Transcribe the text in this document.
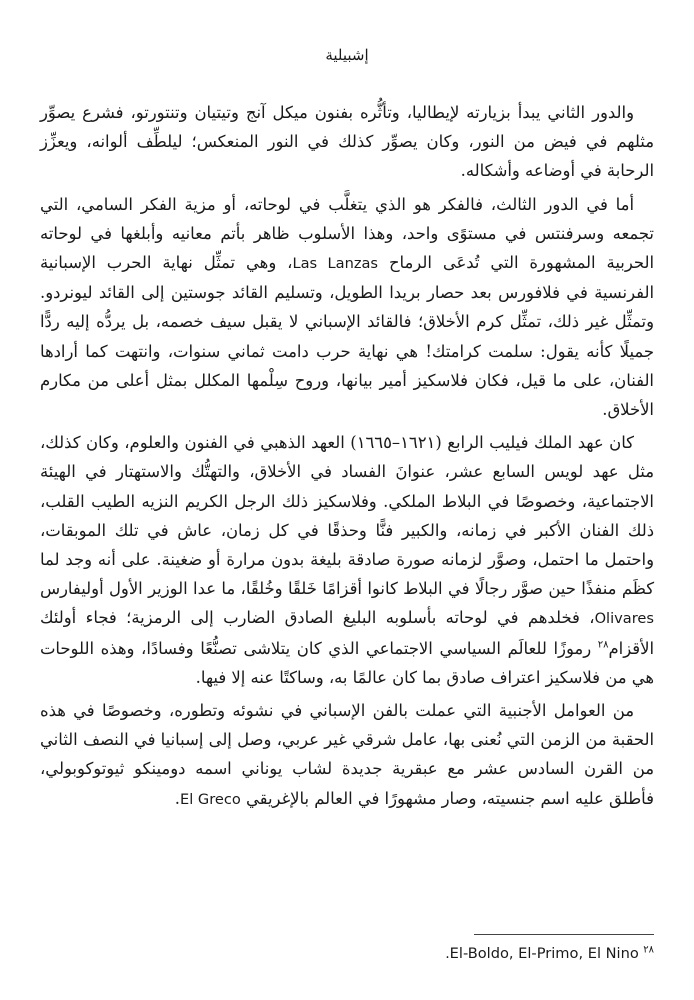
إشبيلية

والدور الثاني يبدأ بزيارته لإيطاليا، وتأثُّره بفنون ميكل آنج وتيتيان وتنتورتو، فشرع يصوِّر مثلهم في فيض من النور، وكان يصوِّر كذلك في النور المنعكس؛ ليلطِّف ألوانه، ويعزِّز الرحابة في أوضاعه وأشكاله.

أما في الدور الثالث، فالفكر هو الذي يتغلَّب في لوحاته، أو مزية الفكر السامي، التي تجمعه وسرفنتس في مستوًى واحد، وهذا الأسلوب ظاهر بأتم معانيه وأبلغها في لوحاته الحربية المشهورة التي تُدعَى الرماح Las Lanzas، وهي تمثِّل نهاية الحرب الإسبانية الفرنسية في فلافورس بعد حصار بريدا الطويل، وتسليم القائد جوستين إلى القائد ليونردو. وتمثِّل غير ذلك، تمثِّل كرم الأخلاق؛ فالقائد الإسباني لا يقبل سيف خصمه، بل يردُّه إليه ردًّا جميلًا كأنه يقول: سلمت كرامتك! هي نهاية حرب دامت ثماني سنوات، وانتهت كما أرادها الفنان، على ما قيل، فكان فلاسكيز أمير بيانها، وروح سِلْمها المكلل بمثل أعلى من مكارم الأخلاق.

كان عهد الملك فيليب الرابع (١٦٢١–١٦٦٥) العهد الذهبي في الفنون والعلوم، وكان كذلك، مثل عهد لويس السابع عشر، عنوانَ الفساد في الأخلاق، والتهتُّك والاستهتار في الهيئة الاجتماعية، وخصوصًا في البلاط الملكي. وفلاسكيز ذلك الرجل الكريم النزيه الطيب القلب، ذلك الفنان الأكبر في زمانه، والكبير فنًّا وحذقًا في كل زمان، عاش في تلك الموبقات، واحتمل ما احتمل، وصوَّر لزمانه صورة صادقة بليغة بدون مرارة أو ضغينة. على أنه وجد لما كظَم منفذًا حين صوَّر رجالًا في البلاط كانوا أقزامًا خَلقًا وخُلقًا، ما عدا الوزير الأول أوليفارس Olivares، فخلدهم في لوحاته بأسلوبه البليغ الصادق الضارب إلى الرمزية؛ فجاء أولئك الأقزام$^{٢٨}$ رموزًا للعالَم السياسي الاجتماعي الذي كان يتلاشى تصنُّعًا وفسادًا، وهذه اللوحات هي من فلاسكيز اعتراف صادق بما كان عالمًا به، وساكتًا عنه إلا فيها.

من العوامل الأجنبية التي عملت بالفن الإسباني في نشوئه وتطوره، وخصوصًا في هذه الحقبة من الزمن التي نُعنى بها، عامل شرقي غير عربي، وصل إلى إسبانيا في النصف الثاني من القرن السادس عشر مع عبقرية جديدة لشاب يوناني اسمه دومينكو ثيوتوكوبولي، فأطلق عليه اسم جنسيته، وصار مشهورًا في العالم بالإغريقي El Greco.

$^{٢٨}$ El-Boldo, El-Primo, El Nino.
